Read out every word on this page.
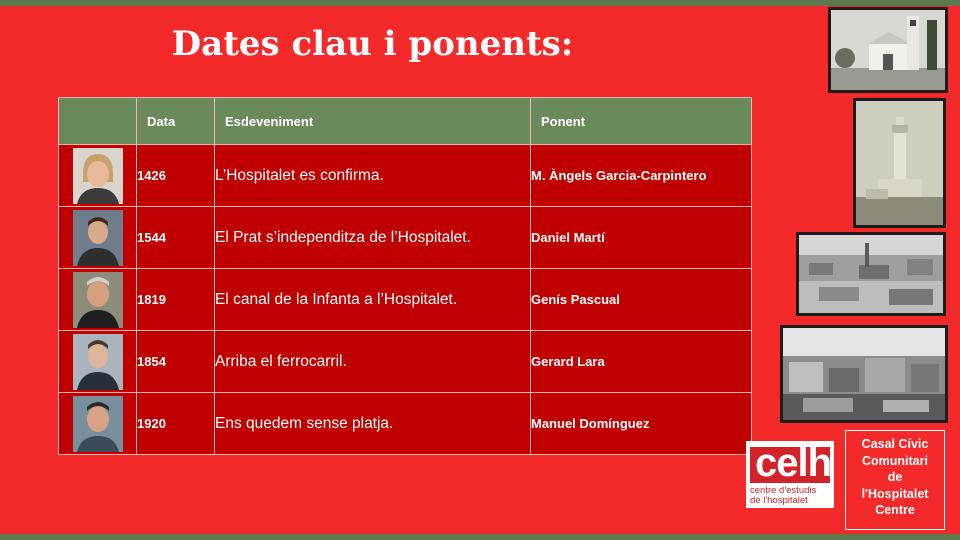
Dates clau i ponents:
	Data	Esdeveniment	Ponent
	1426	L’Hospitalet es confirma.	M. Àngels Garcia-Carpintero
	1544	El Prat s’independitza de l’Hospitalet.	Daniel Martí
	1819	El canal de la Infanta a l’Hospitalet.	Genís Pascual
	1854	Arriba el ferrocarril.	Gerard Lara
	1920	Ens quedem sense platja.	Manuel Domínguez
celh
centre d'estudis
de l'hospitalet
Casal Cívic
Comunitari
de
l'Hospitalet
Centre
